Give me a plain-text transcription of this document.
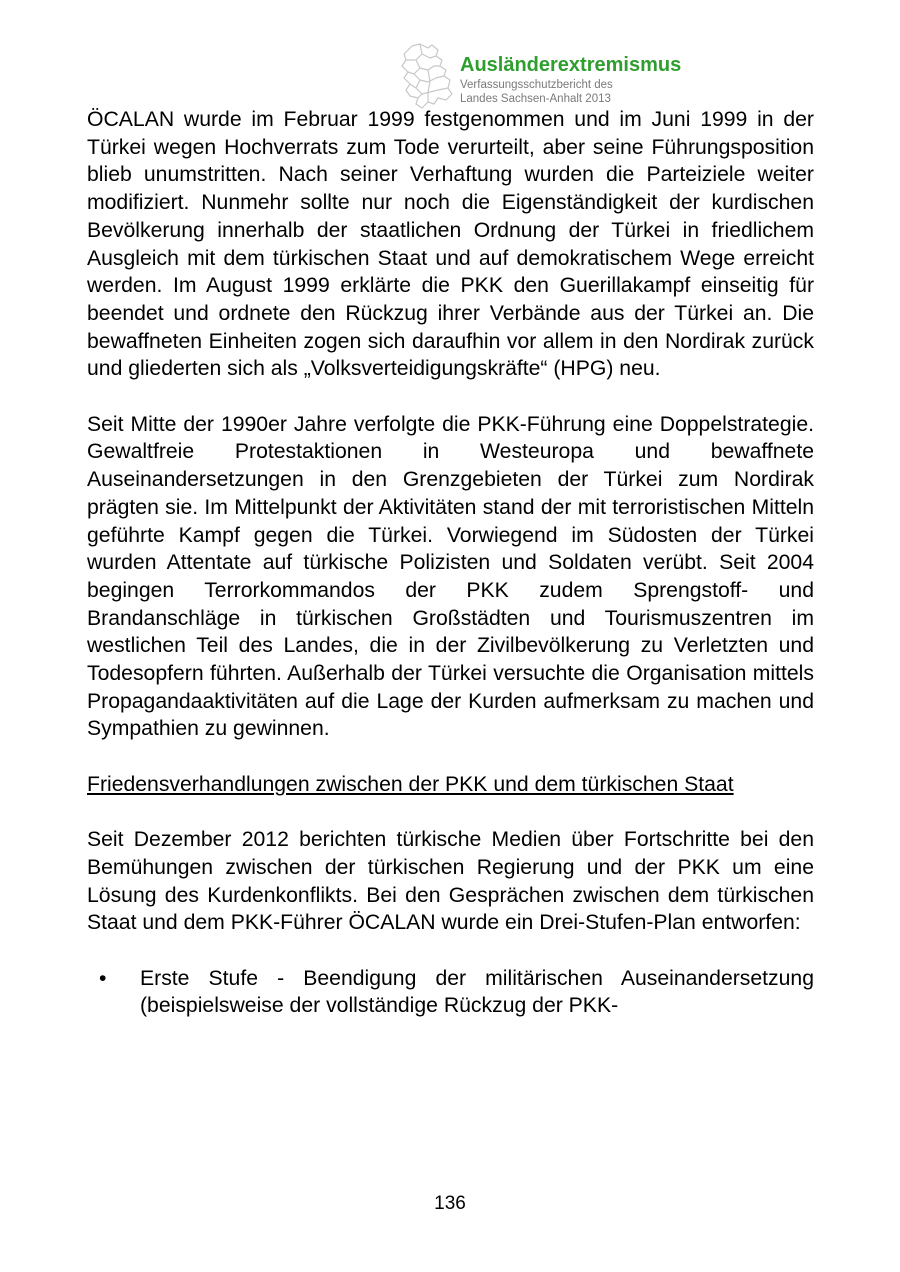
Ausländerextremismus
Verfassungsschutzbericht des
Landes Sachsen-Anhalt 2013

ÖCALAN wurde im Februar 1999 festgenommen und im Juni 1999 in der Türkei wegen Hochverrats zum Tode verurteilt, aber seine Führungsposition blieb unumstritten. Nach seiner Verhaftung wurden die Parteiziele weiter modifiziert. Nunmehr sollte nur noch die Eigenständigkeit der kurdischen Bevölkerung innerhalb der staatlichen Ordnung der Türkei in friedlichem Ausgleich mit dem türkischen Staat und auf demokratischem Wege erreicht werden. Im August 1999 erklärte die PKK den Guerillakampf einseitig für beendet und ordnete den Rückzug ihrer Verbände aus der Türkei an. Die bewaffneten Einheiten zogen sich daraufhin vor allem in den Nordirak zurück und gliederten sich als „Volksverteidigungskräfte“ (HPG) neu.

Seit Mitte der 1990er Jahre verfolgte die PKK-Führung eine Doppelstrategie. Gewaltfreie Protestaktionen in Westeuropa und bewaffnete Auseinandersetzungen in den Grenzgebieten der Türkei zum Nordirak prägten sie. Im Mittelpunkt der Aktivitäten stand der mit terroristischen Mitteln geführte Kampf gegen die Türkei. Vorwiegend im Südosten der Türkei wurden Attentate auf türkische Polizisten und Soldaten verübt. Seit 2004 begingen Terrorkommandos der PKK zudem Sprengstoff- und Brandanschläge in türkischen Großstädten und Tourismuszentren im westlichen Teil des Landes, die in der Zivilbevölkerung zu Verletzten und Todesopfern führten. Außerhalb der Türkei versuchte die Organisation mittels Propagandaaktivitäten auf die Lage der Kurden aufmerksam zu machen und Sympathien zu gewinnen.

Friedensverhandlungen zwischen der PKK und dem türkischen Staat

Seit Dezember 2012 berichten türkische Medien über Fortschritte bei den Bemühungen zwischen der türkischen Regierung und der PKK um eine Lösung des Kurdenkonflikts. Bei den Gesprächen zwischen dem türkischen Staat und dem PKK-Führer ÖCALAN wurde ein Drei-Stufen-Plan entworfen:

• Erste Stufe - Beendigung der militärischen Auseinandersetzung (beispielsweise der vollständige Rückzug der PKK-
136
